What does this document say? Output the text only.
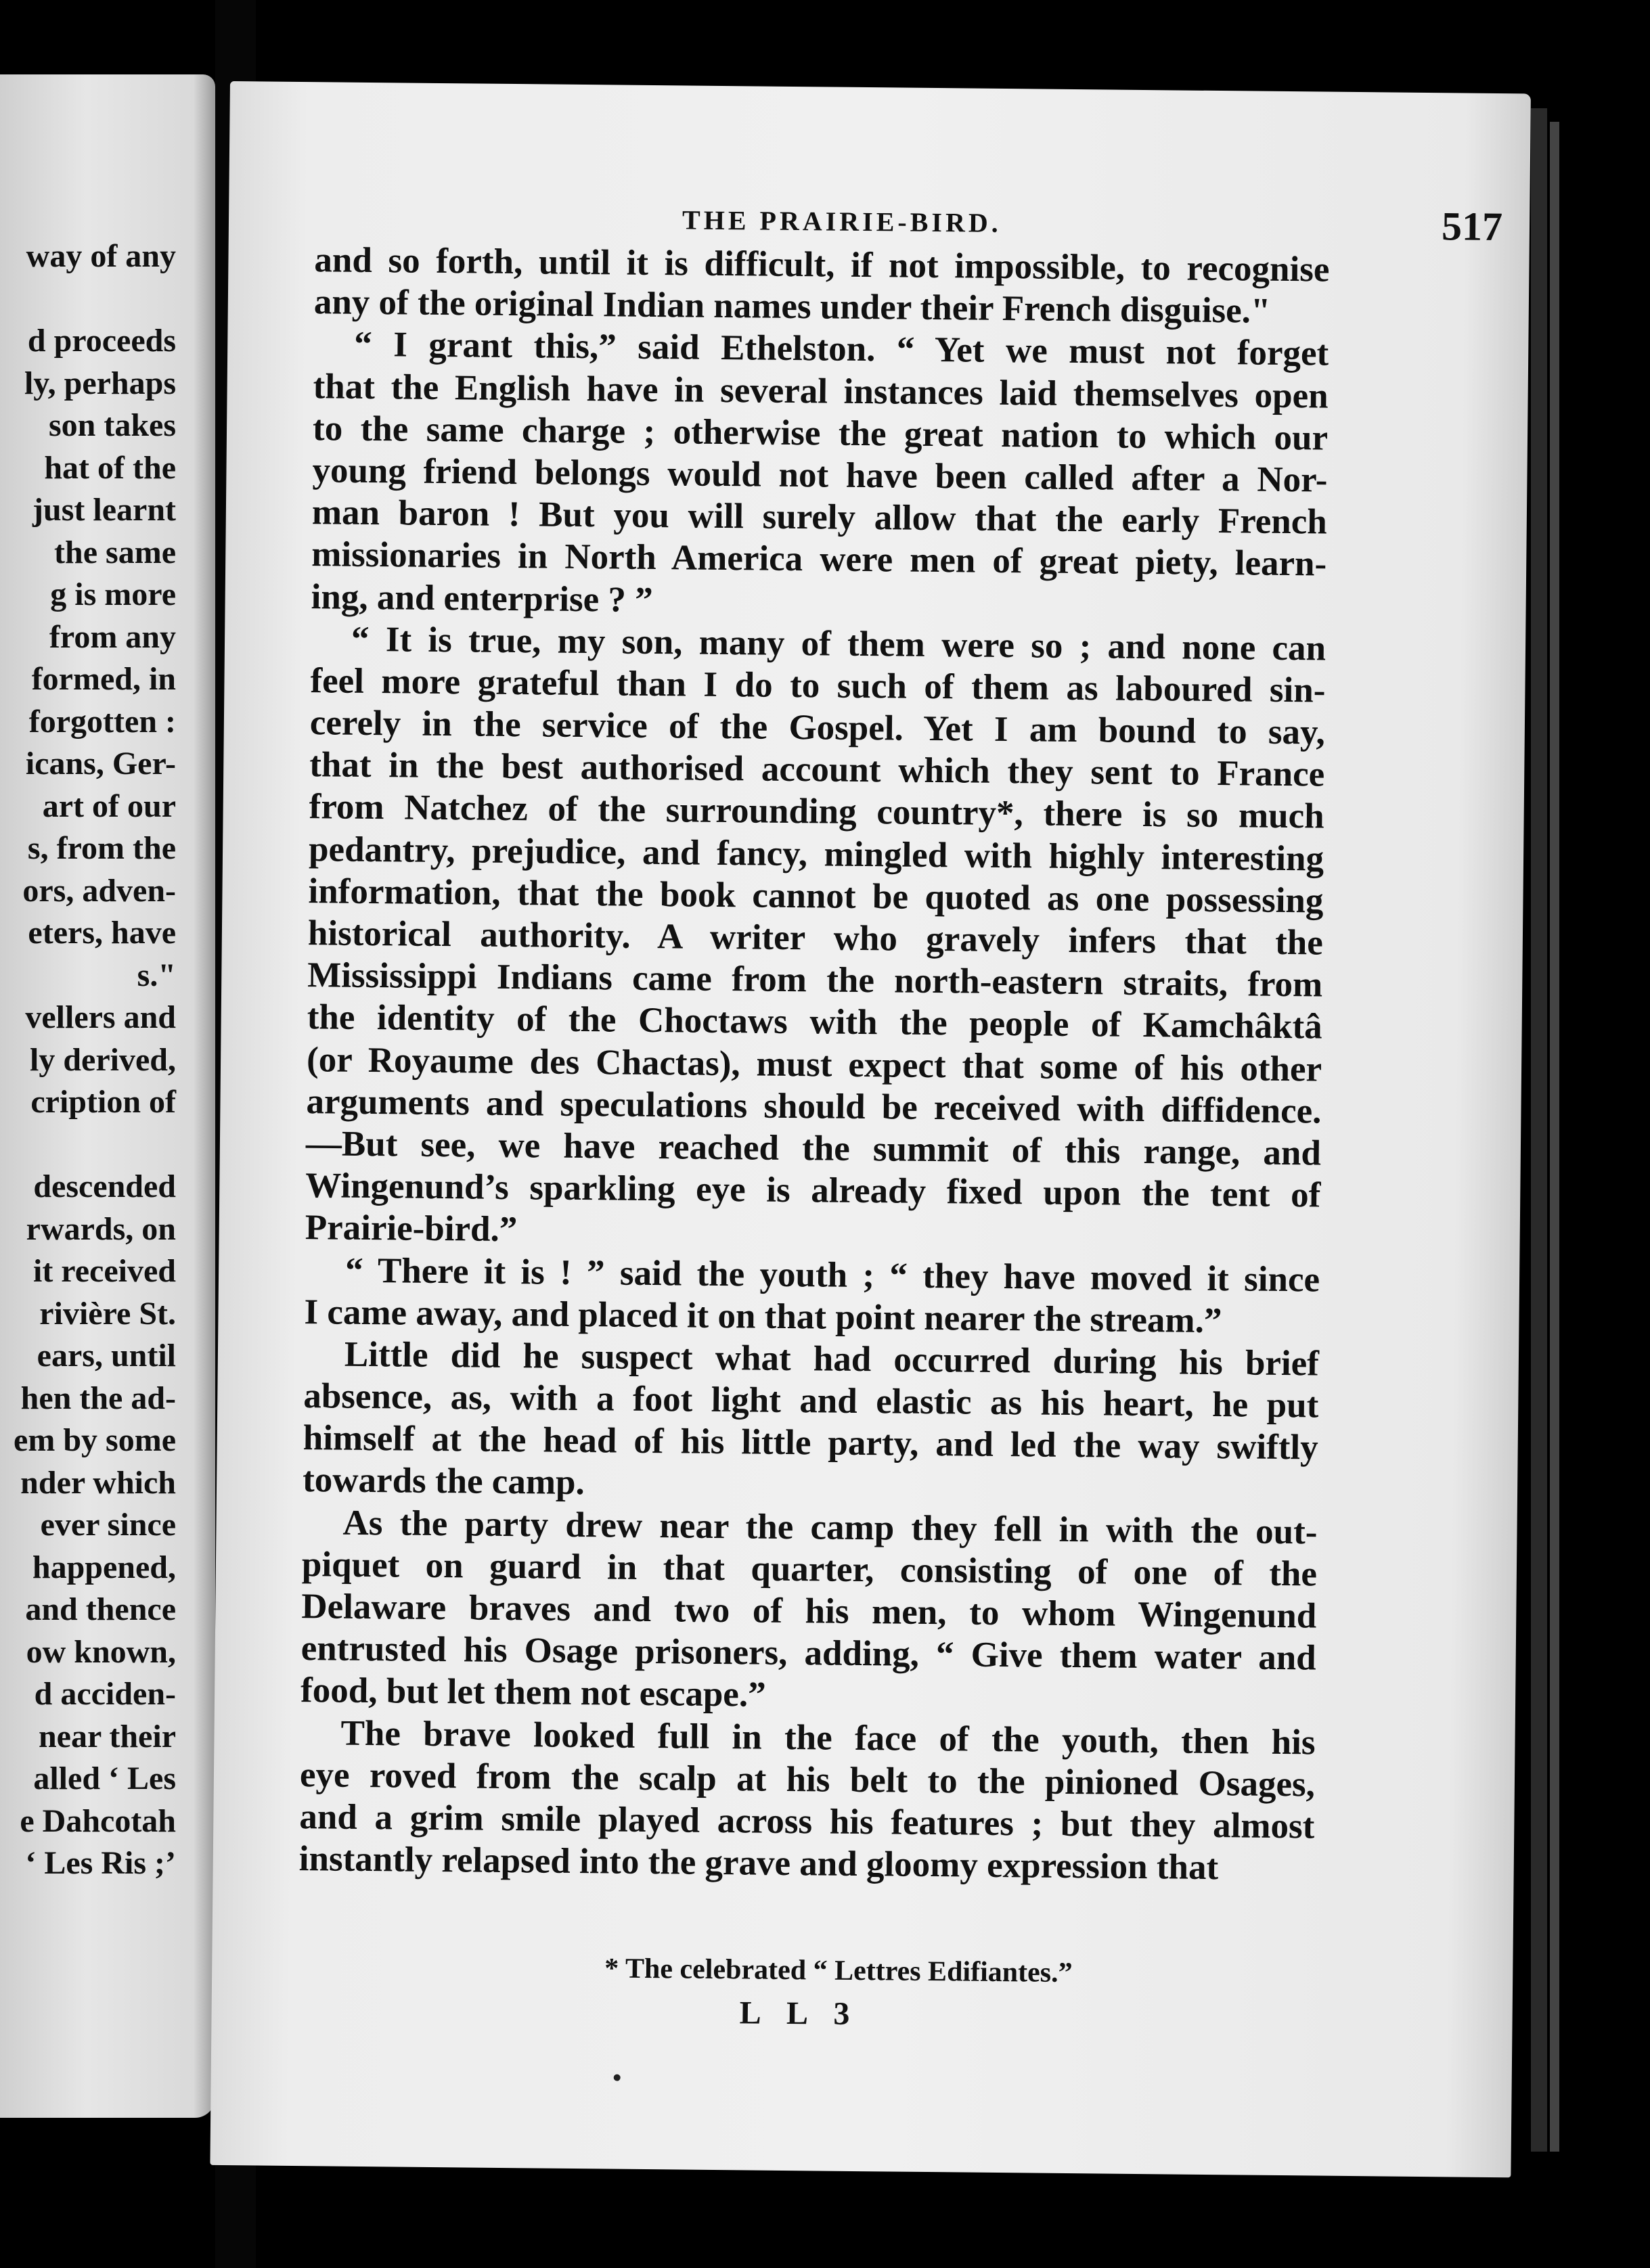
way of any
d proceeds
ly, perhaps
son takes
hat of the
just learnt
the same
g is more
from any
formed, in
forgotten :
icans, Ger-
art of our
s, from the
ors, adven-
eters, have
s."
vellers and
ly derived,
cription of
descended
rwards, on
it received
rivière St.
ears, until
hen the ad-
em by some
nder which
ever since
happened,
and thence
ow known,
d acciden-
near their
alled ‘ Les
e Dahcotah
‘ Les Ris ;’
THE PRAIRIE-BIRD.	517
and so forth, until it is difficult, if not impossible, to recognise
any of the original Indian names under their French disguise."
“ I grant this,” said Ethelston. “ Yet we must not forget
that the English have in several instances laid themselves open
to the same charge ; otherwise the great nation to which our
young friend belongs would not have been called after a Nor-
man baron ! But you will surely allow that the early French
missionaries in North America were men of great piety, learn-
ing, and enterprise ? ”
“ It is true, my son, many of them were so ; and none can
feel more grateful than I do to such of them as laboured sin-
cerely in the service of the Gospel. Yet I am bound to say,
that in the best authorised account which they sent to France
from Natchez of the surrounding country*, there is so much
pedantry, prejudice, and fancy, mingled with highly interesting
information, that the book cannot be quoted as one possessing
historical authority. A writer who gravely infers that the
Mississippi Indians came from the north-eastern straits, from
the identity of the Choctaws with the people of Kamchâktâ
(or Royaume des Chactas), must expect that some of his other
arguments and speculations should be received with diffidence.
—But see, we have reached the summit of this range, and
Wingenund’s sparkling eye is already fixed upon the tent of
Prairie-bird.”
“ There it is ! ” said the youth ; “ they have moved it since
I came away, and placed it on that point nearer the stream.”
Little did he suspect what had occurred during his brief
absence, as, with a foot light and elastic as his heart, he put
himself at the head of his little party, and led the way swiftly
towards the camp.
As the party drew near the camp they fell in with the out-
piquet on guard in that quarter, consisting of one of the
Delaware braves and two of his men, to whom Wingenund
entrusted his Osage prisoners, adding, “ Give them water and
food, but let them not escape.”
The brave looked full in the face of the youth, then his
eye roved from the scalp at his belt to the pinioned Osages,
and a grim smile played across his features ; but they almost
instantly relapsed into the grave and gloomy expression that
* The celebrated “ Lettres Edifiantes.”
L L 3
